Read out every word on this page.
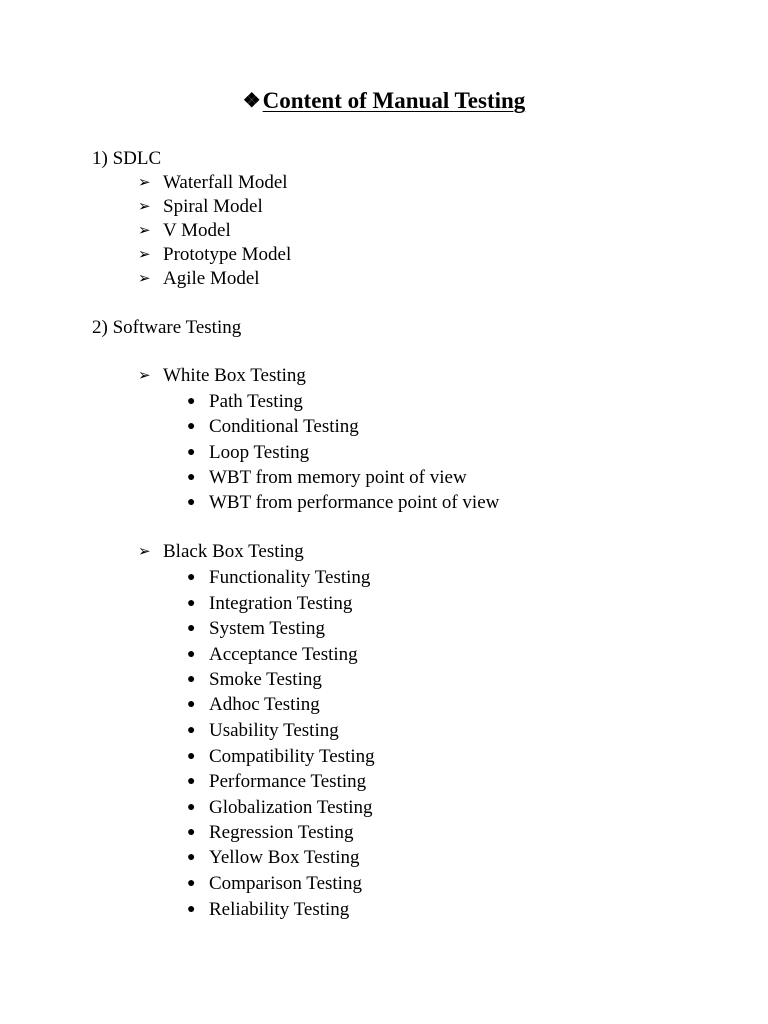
❖Content of Manual Testing
1) SDLC
➢ Waterfall Model
➢ Spiral Model
➢ V Model
➢ Prototype Model
➢ Agile Model
2) Software Testing
➢ White Box Testing
● Path Testing
● Conditional Testing
● Loop Testing
● WBT from memory point of view
● WBT from performance point of view
➢ Black Box Testing
● Functionality Testing
● Integration Testing
● System Testing
● Acceptance Testing
● Smoke Testing
● Adhoc Testing
● Usability Testing
● Compatibility Testing
● Performance Testing
● Globalization Testing
● Regression Testing
● Yellow Box Testing
● Comparison Testing
● Reliability Testing
